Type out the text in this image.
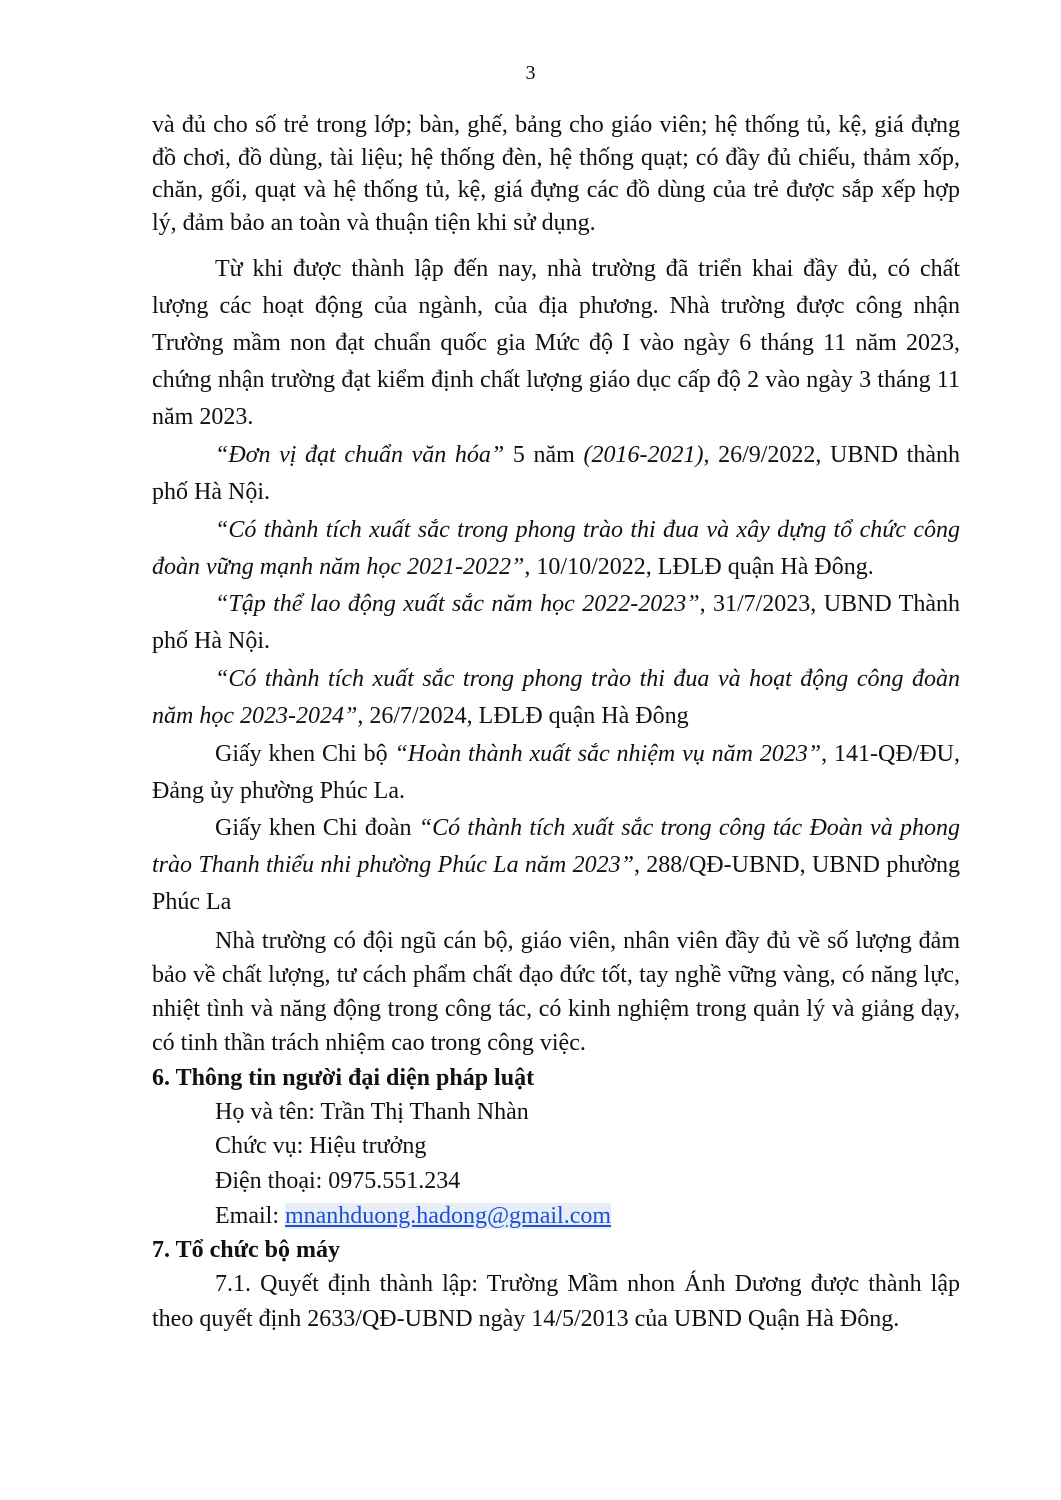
3

và đủ cho số trẻ trong lớp; bàn, ghế, bảng cho giáo viên; hệ thống tủ, kệ, giá đựng đồ chơi, đồ dùng, tài liệu; hệ thống đèn, hệ thống quạt; có đầy đủ chiếu, thảm xốp, chăn, gối, quạt và hệ thống tủ, kệ, giá đựng các đồ dùng của trẻ được sắp xếp hợp lý, đảm bảo an toàn và thuận tiện khi sử dụng.

Từ khi được thành lập đến nay, nhà trường đã triển khai đầy đủ, có chất lượng các hoạt động của ngành, của địa phương. Nhà trường được công nhận Trường mầm non đạt chuẩn quốc gia Mức độ I vào ngày 6 tháng 11 năm 2023, chứng nhận trường đạt kiểm định chất lượng giáo dục cấp độ 2 vào ngày 3 tháng 11 năm 2023.

“Đơn vị đạt chuẩn văn hóa” 5 năm (2016-2021), 26/9/2022, UBND thành phố Hà Nội.

“Có thành tích xuất sắc trong phong trào thi đua và xây dựng tổ chức công đoàn vững mạnh năm học 2021-2022”, 10/10/2022, LĐLĐ quận Hà Đông.

“Tập thể lao động xuất sắc năm học 2022-2023”, 31/7/2023, UBND Thành phố Hà Nội.

“Có thành tích xuất sắc trong phong trào thi đua và hoạt động công đoàn năm học 2023-2024”, 26/7/2024, LĐLĐ quận Hà Đông

Giấy khen Chi bộ “Hoàn thành xuất sắc nhiệm vụ năm 2023”, 141-QĐ/ĐU, Đảng ủy phường Phúc La.

Giấy khen Chi đoàn “Có thành tích xuất sắc trong công tác Đoàn và phong trào Thanh thiếu nhi phường Phúc La năm 2023”, 288/QĐ-UBND, UBND phường Phúc La

Nhà trường có đội ngũ cán bộ, giáo viên, nhân viên đầy đủ về số lượng đảm bảo về chất lượng, tư cách phẩm chất đạo đức tốt, tay nghề vững vàng, có năng lực, nhiệt tình và năng động trong công tác, có kinh nghiệm trong quản lý và giảng dạy, có tinh thần trách nhiệm cao trong công việc.

6. Thông tin người đại diện pháp luật

Họ và tên: Trần Thị Thanh Nhàn

Chức vụ: Hiệu trưởng

Điện thoại: 0975.551.234

Email: mnanhduong.hadong@gmail.com

7. Tổ chức bộ máy

7.1. Quyết định thành lập: Trường Mầm nhon Ánh Dương được thành lập theo quyết định 2633/QĐ-UBND ngày 14/5/2013 của UBND Quận Hà Đông.
